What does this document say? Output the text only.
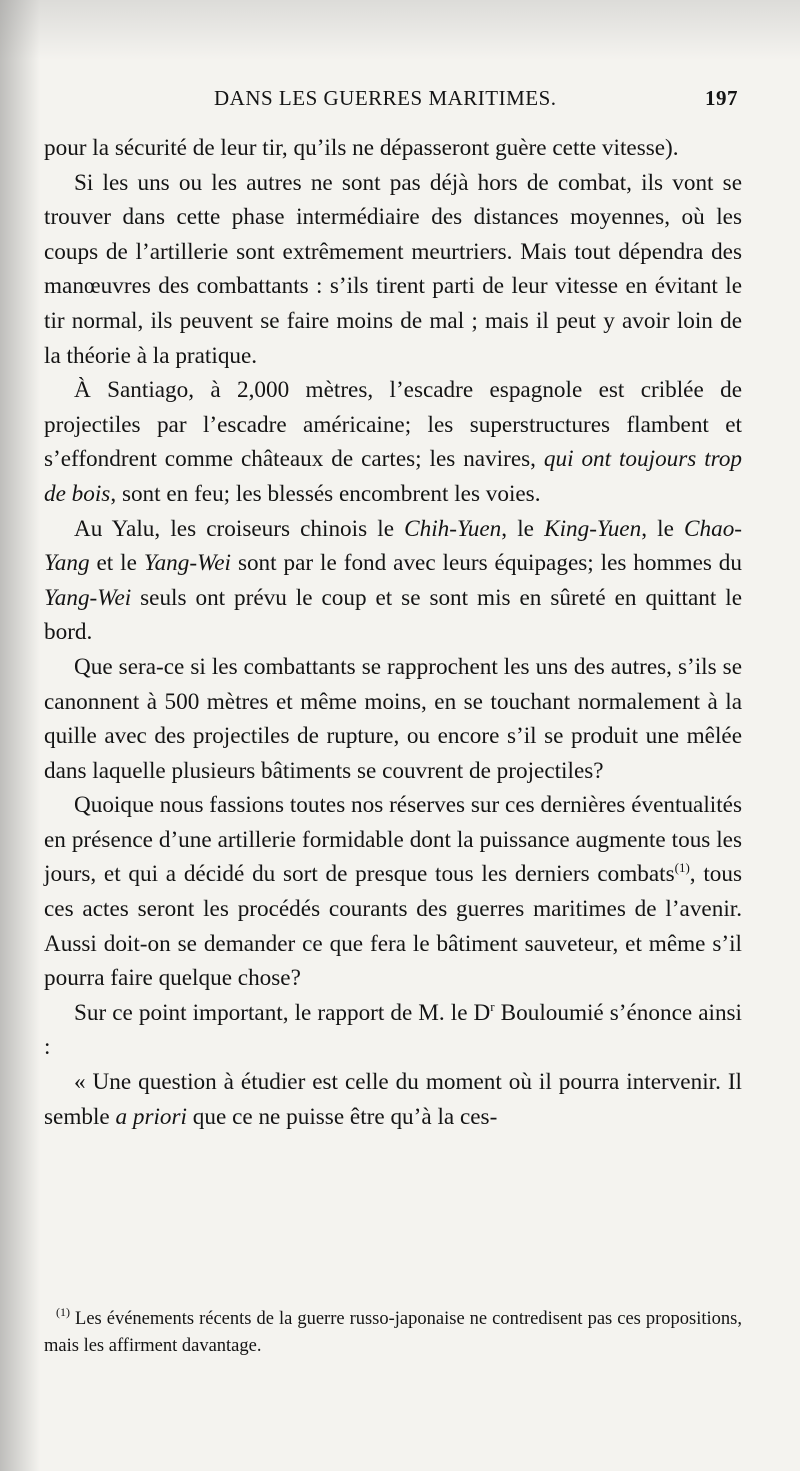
DANS LES GUERRES MARITIMES.	197

pour la sécurité de leur tir, qu’ils ne dépasseront guère cette vitesse).

Si les uns ou les autres ne sont pas déjà hors de combat, ils vont se trouver dans cette phase intermédiaire des distances moyennes, où les coups de l’artillerie sont extrêmement meurtriers. Mais tout dépendra des manœuvres des combattants : s’ils tirent parti de leur vitesse en évitant le tir normal, ils peuvent se faire moins de mal ; mais il peut y avoir loin de la théorie à la pratique.

À Santiago, à 2,000 mètres, l’escadre espagnole est criblée de projectiles par l’escadre américaine; les superstructures flambent et s’effondrent comme châteaux de cartes; les navires, qui ont toujours trop de bois, sont en feu; les blessés encombrent les voies.

Au Yalu, les croiseurs chinois le Chih-Yuen, le King-Yuen, le Chao-Yang et le Yang-Wei sont par le fond avec leurs équipages; les hommes du Yang-Wei seuls ont prévu le coup et se sont mis en sûreté en quittant le bord.

Que sera-ce si les combattants se rapprochent les uns des autres, s’ils se canonnent à 500 mètres et même moins, en se touchant normalement à la quille avec des projectiles de rupture, ou encore s’il se produit une mêlée dans laquelle plusieurs bâtiments se couvrent de projectiles?

Quoique nous fassions toutes nos réserves sur ces dernières éventualités en présence d’une artillerie formidable dont la puissance augmente tous les jours, et qui a décidé du sort de presque tous les derniers combats$^{(1)}$, tous ces actes seront les procédés courants des guerres maritimes de l’avenir. Aussi doit-on se demander ce que fera le bâtiment sauveteur, et même s’il pourra faire quelque chose?

Sur ce point important, le rapport de M. le $D^r$ Bouloumié s’énonce ainsi :

« Une question à étudier est celle du moment où il pourra intervenir. Il semble a priori que ce ne puisse être qu’à la ces-

$^{(1)}$ Les événements récents de la guerre russo-japonaise ne contredisent pas ces propositions, mais les affirment davantage.
